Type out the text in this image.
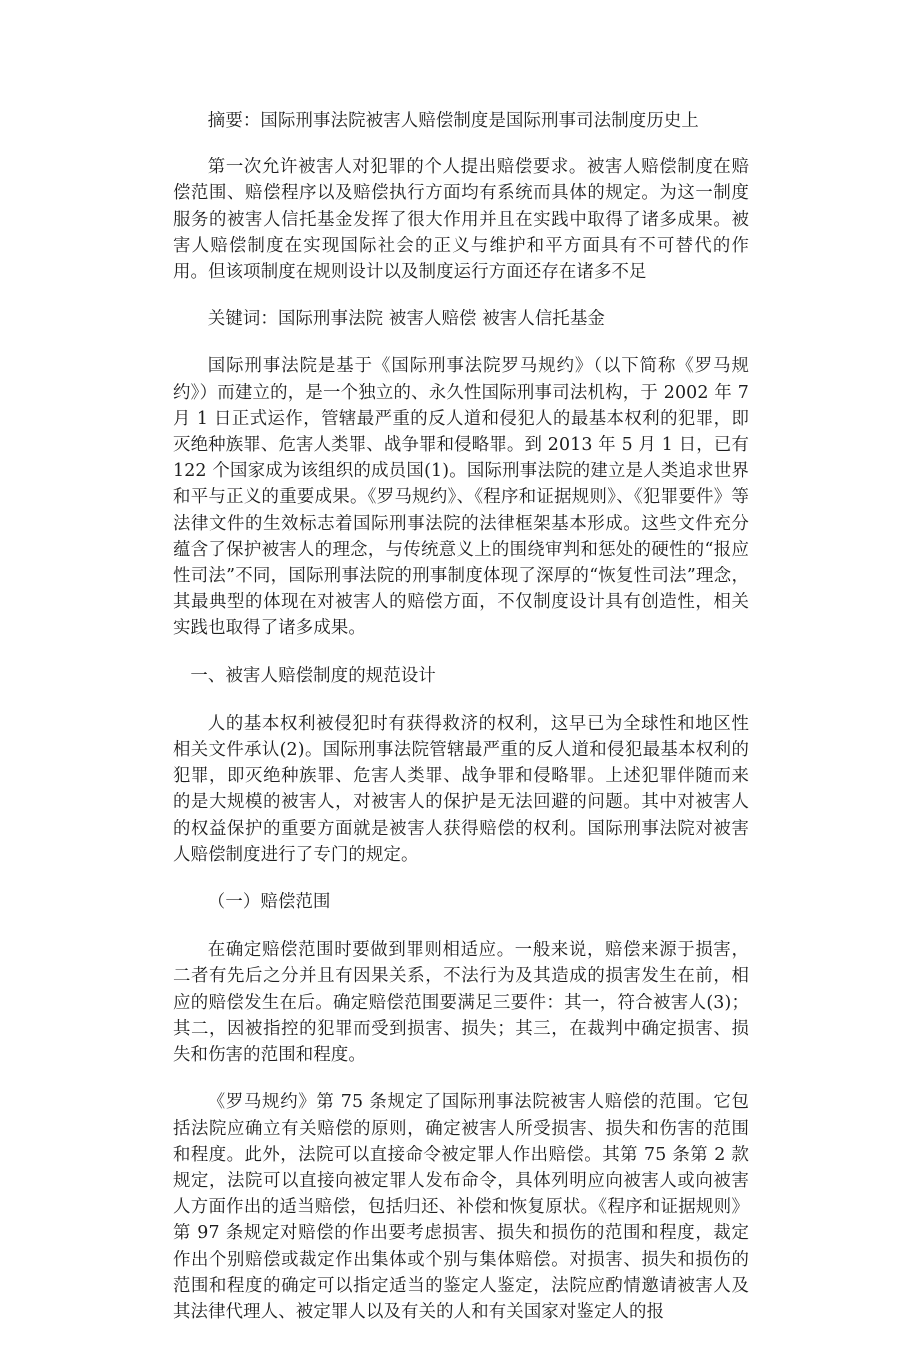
摘要：国际刑事法院被害人赔偿制度是国际刑事司法制度历史上

第一次允许被害人对犯罪的个人提出赔偿要求。被害人赔偿制度在赔偿范围、赔偿程序以及赔偿执行方面均有系统而具体的规定。为这一制度服务的被害人信托基金发挥了很大作用并且在实践中取得了诸多成果。被害人赔偿制度在实现国际社会的正义与维护和平方面具有不可替代的作用。但该项制度在规则设计以及制度运行方面还存在诸多不足

关键词：国际刑事法院 被害人赔偿 被害人信托基金

国际刑事法院是基于《国际刑事法院罗马规约》（以下简称《罗马规约》）而建立的，是一个独立的、永久性国际刑事司法机构，于 2002 年 7 月 1 日正式运作，管辖最严重的反人道和侵犯人的最基本权利的犯罪，即灭绝种族罪、危害人类罪、战争罪和侵略罪。到 2013 年 5 月 1 日，已有 122 个国家成为该组织的成员国(1)。国际刑事法院的建立是人类追求世界和平与正义的重要成果。《罗马规约》、《程序和证据规则》、《犯罪要件》等法律文件的生效标志着国际刑事法院的法律框架基本形成。这些文件充分蕴含了保护被害人的理念，与传统意义上的围绕审判和惩处的硬性的“报应性司法”不同，国际刑事法院的刑事制度体现了深厚的“恢复性司法”理念，其最典型的体现在对被害人的赔偿方面，不仅制度设计具有创造性，相关实践也取得了诸多成果。

一、被害人赔偿制度的规范设计

人的基本权利被侵犯时有获得救济的权利，这早已为全球性和地区性相关文件承认(2)。国际刑事法院管辖最严重的反人道和侵犯最基本权利的犯罪，即灭绝种族罪、危害人类罪、战争罪和侵略罪。上述犯罪伴随而来的是大规模的被害人，对被害人的保护是无法回避的问题。其中对被害人的权益保护的重要方面就是被害人获得赔偿的权利。国际刑事法院对被害人赔偿制度进行了专门的规定。

（一）赔偿范围

在确定赔偿范围时要做到罪则相适应。一般来说，赔偿来源于损害，二者有先后之分并且有因果关系，不法行为及其造成的损害发生在前，相应的赔偿发生在后。确定赔偿范围要满足三要件：其一，符合被害人(3)；其二，因被指控的犯罪而受到损害、损失；其三，在裁判中确定损害、损失和伤害的范围和程度。

《罗马规约》第 75 条规定了国际刑事法院被害人赔偿的范围。它包括法院应确立有关赔偿的原则，确定被害人所受损害、损失和伤害的范围和程度。此外，法院可以直接命令被定罪人作出赔偿。其第 75 条第 2 款规定，法院可以直接向被定罪人发布命令，具体列明应向被害人或向被害人方面作出的适当赔偿，包括归还、补偿和恢复原状。《程序和证据规则》第 97 条规定对赔偿的作出要考虑损害、损失和损伤的范围和程度，裁定作出个别赔偿或裁定作出集体或个别与集体赔偿。对损害、损失和损伤的范围和程度的确定可以指定适当的鉴定人鉴定，法院应酌情邀请被害人及其法律代理人、被定罪人以及有关的人和有关国家对鉴定人的报
